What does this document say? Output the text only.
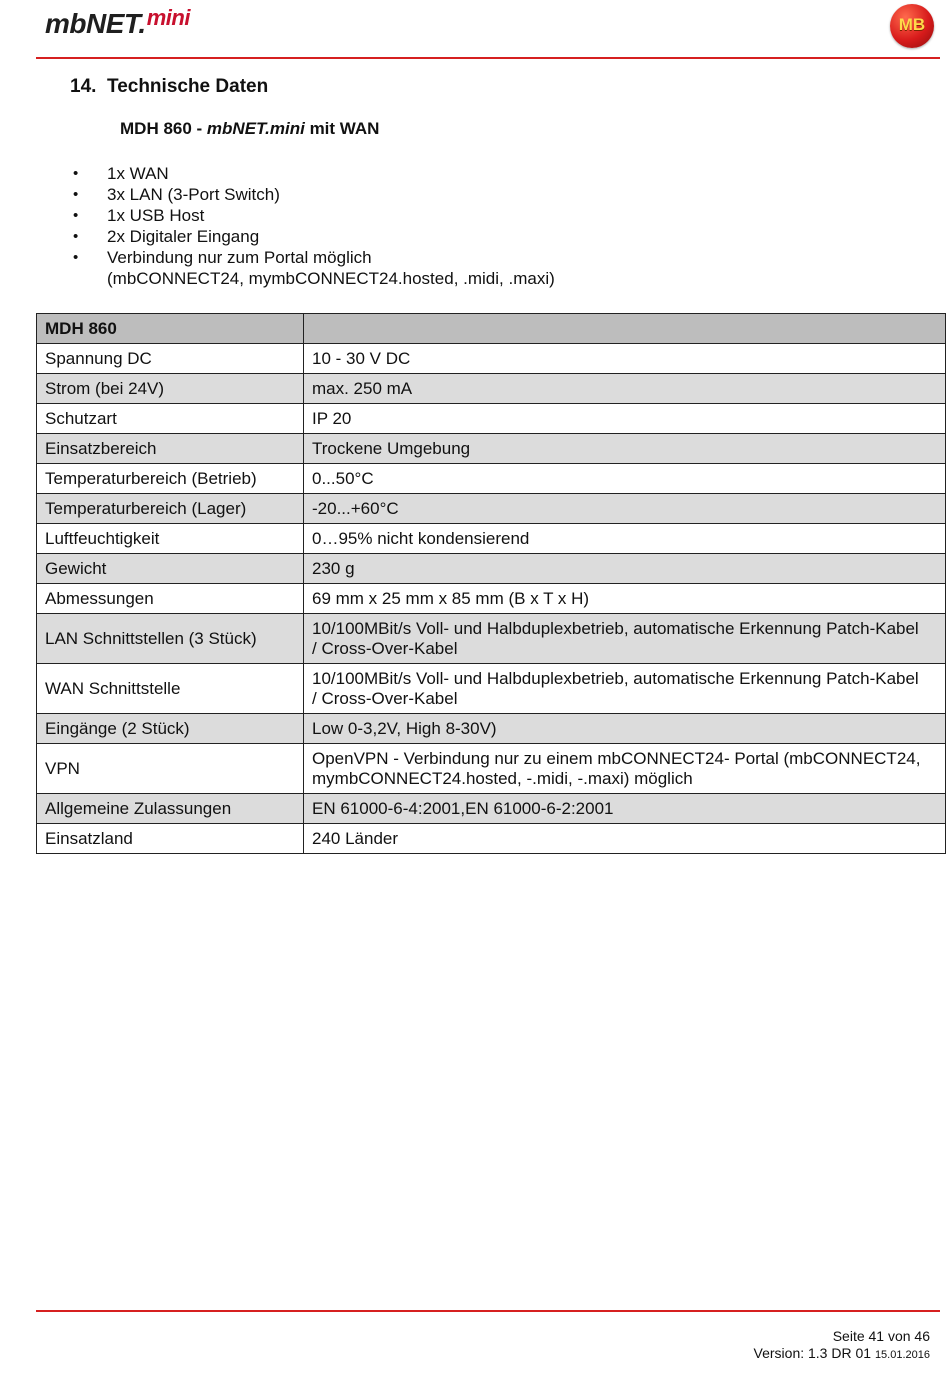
mbNET.$^{mini}$	MB
14. Technische Daten
MDH 860 - mbNET.mini mit WAN
• 1x WAN
• 3x LAN (3-Port Switch)
• 1x USB Host
• 2x Digitaler Eingang
• Verbindung nur zum Portal möglich
(mbCONNECT24, mymbCONNECT24.hosted, .midi, .maxi)
MDH 860	
Spannung DC	10 - 30 V DC
Strom (bei 24V)	max. 250 mA
Schutzart	IP 20
Einsatzbereich	Trockene Umgebung
Temperaturbereich (Betrieb)	0...50°C
Temperaturbereich (Lager)	-20...+60°C
Luftfeuchtigkeit	0…95% nicht kondensierend
Gewicht	230 g
Abmessungen	69 mm x 25 mm x 85 mm (B x T x H)
LAN Schnittstellen (3 Stück)	10/100MBit/s Voll- und Halbduplexbetrieb, automatische Erkennung Patch-Kabel
/ Cross-Over-Kabel
WAN Schnittstelle	10/100MBit/s Voll- und Halbduplexbetrieb, automatische Erkennung Patch-Kabel
/ Cross-Over-Kabel
Eingänge (2 Stück)	Low 0-3,2V, High 8-30V)
VPN	OpenVPN - Verbindung nur zu einem mbCONNECT24- Portal (mbCONNECT24,
mymbCONNECT24.hosted, -.midi, -.maxi) möglich
Allgemeine Zulassungen	EN 61000-6-4:2001,EN 61000-6-2:2001
Einsatzland	240 Länder
Seite 41 von 46
Version: 1.3 DR 01 15.01.2016
